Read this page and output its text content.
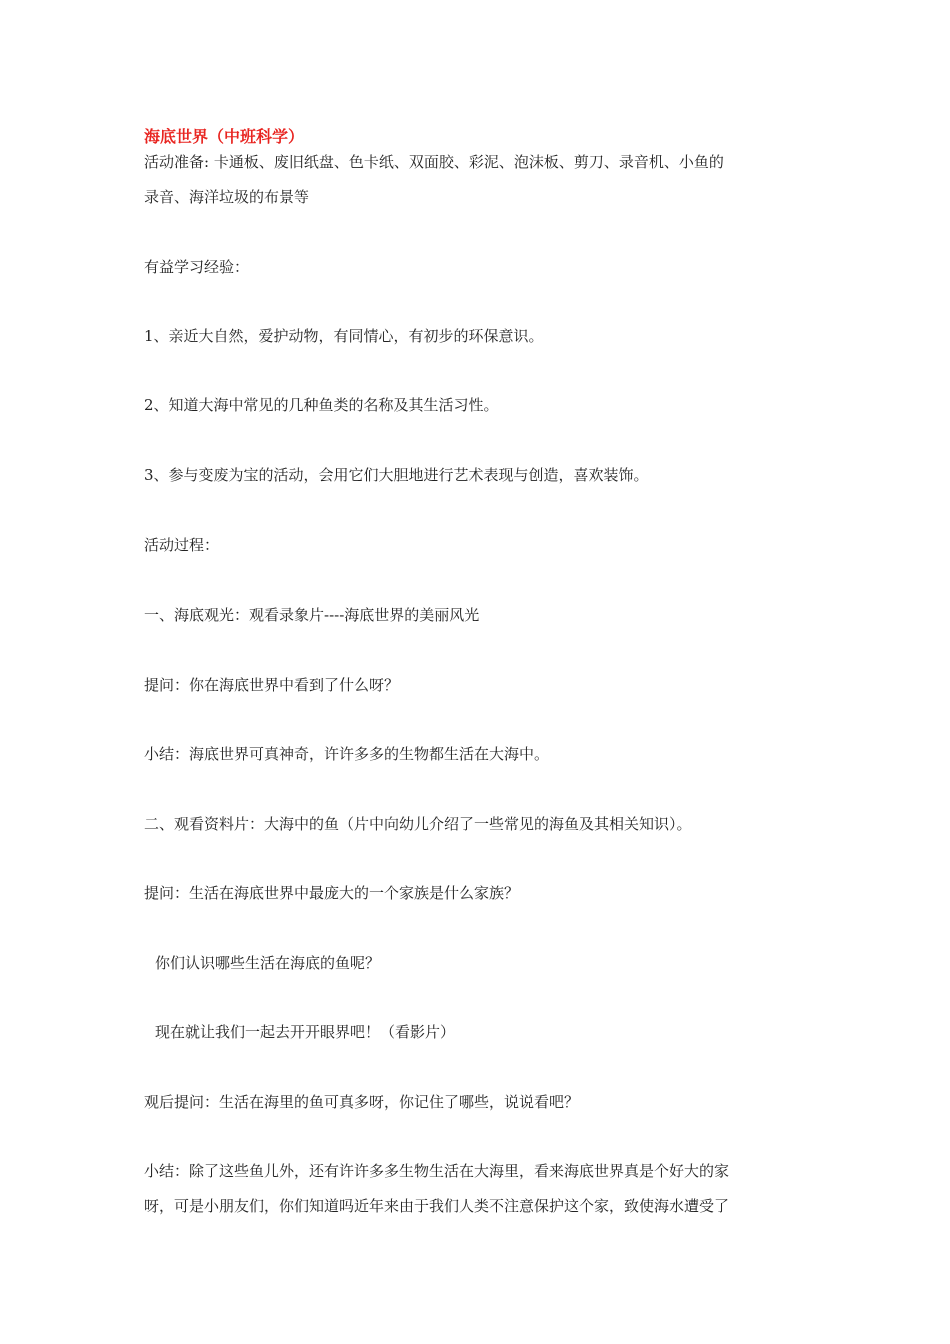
海底世界（中班科学）
活动准备: 卡通板、废旧纸盘、色卡纸、双面胶、彩泥、泡沫板、剪刀、录音机、小鱼的
录音、海洋垃圾的布景等
有益学习经验：
1、亲近大自然，爱护动物，有同情心，有初步的环保意识。
2、知道大海中常见的几种鱼类的名称及其生活习性。
3、参与变废为宝的活动，会用它们大胆地进行艺术表现与创造，喜欢装饰。
活动过程：
一、海底观光：观看录象片----海底世界的美丽风光
提问：你在海底世界中看到了什么呀？
小结：海底世界可真神奇，许许多多的生物都生活在大海中。
二、观看资料片：大海中的鱼（片中向幼儿介绍了一些常见的海鱼及其相关知识）。
提问：生活在海底世界中最庞大的一个家族是什么家族？
你们认识哪些生活在海底的鱼呢？
现在就让我们一起去开开眼界吧！（看影片）
观后提问：生活在海里的鱼可真多呀，你记住了哪些，说说看吧？
小结：除了这些鱼儿外，还有许许多多生物生活在大海里，看来海底世界真是个好大的家
呀，可是小朋友们，你们知道吗近年来由于我们人类不注意保护这个家，致使海水遭受了
